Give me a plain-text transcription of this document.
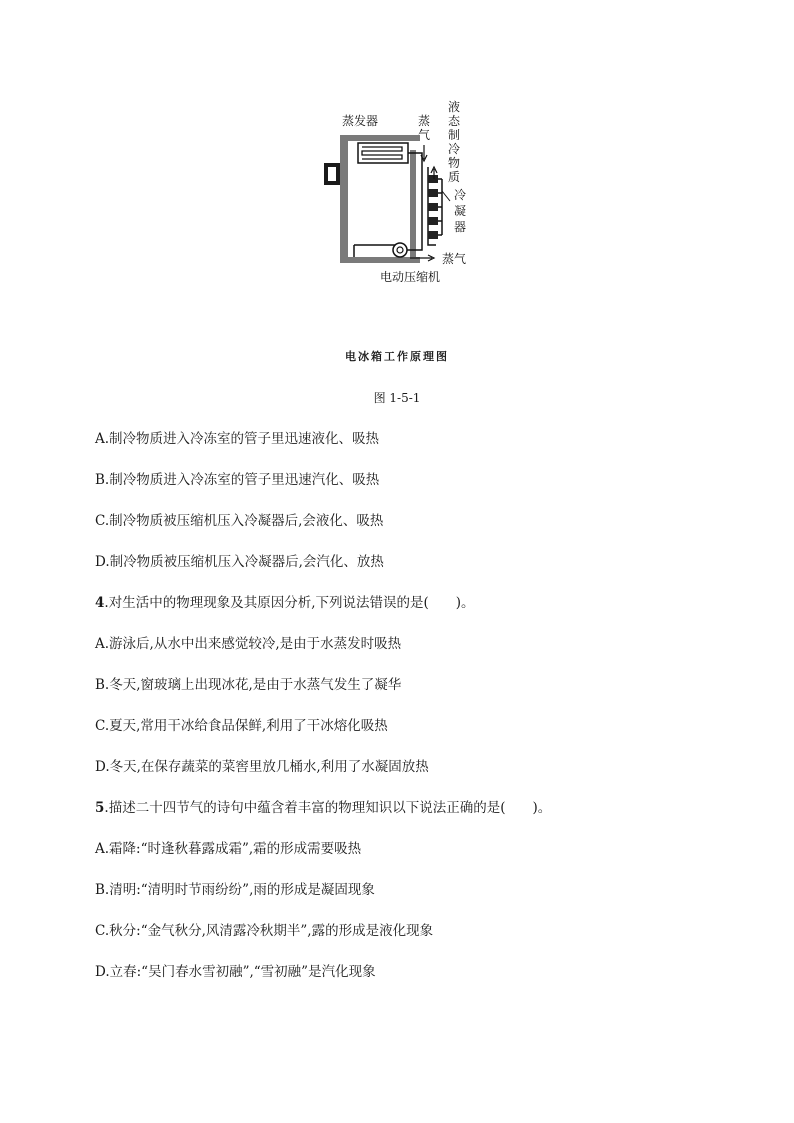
蒸发器	蒸
气
液
态
制
冷
物
质
冷
凝
器
蒸气
电动压缩机
电冰箱工作原理图
图 1-5-1
A.制冷物质进入冷冻室的管子里迅速液化、吸热
B.制冷物质进入冷冻室的管子里迅速汽化、吸热
C.制冷物质被压缩机压入冷凝器后,会液化、吸热
D.制冷物质被压缩机压入冷凝器后,会汽化、放热
4.对生活中的物理现象及其原因分析,下列说法错误的是(　　)。
A.游泳后,从水中出来感觉较冷,是由于水蒸发时吸热
B.冬天,窗玻璃上出现冰花,是由于水蒸气发生了凝华
C.夏天,常用干冰给食品保鲜,利用了干冰熔化吸热
D.冬天,在保存蔬菜的菜窖里放几桶水,利用了水凝固放热
5.描述二十四节气的诗句中蕴含着丰富的物理知识以下说法正确的是(　　)。
A.霜降:“时逢秋暮露成霜”,霜的形成需要吸热
B.清明:“清明时节雨纷纷”,雨的形成是凝固现象
C.秋分:“金气秋分,风清露冷秋期半”,露的形成是液化现象
D.立春:“吴门春水雪初融”,“雪初融”是汽化现象
